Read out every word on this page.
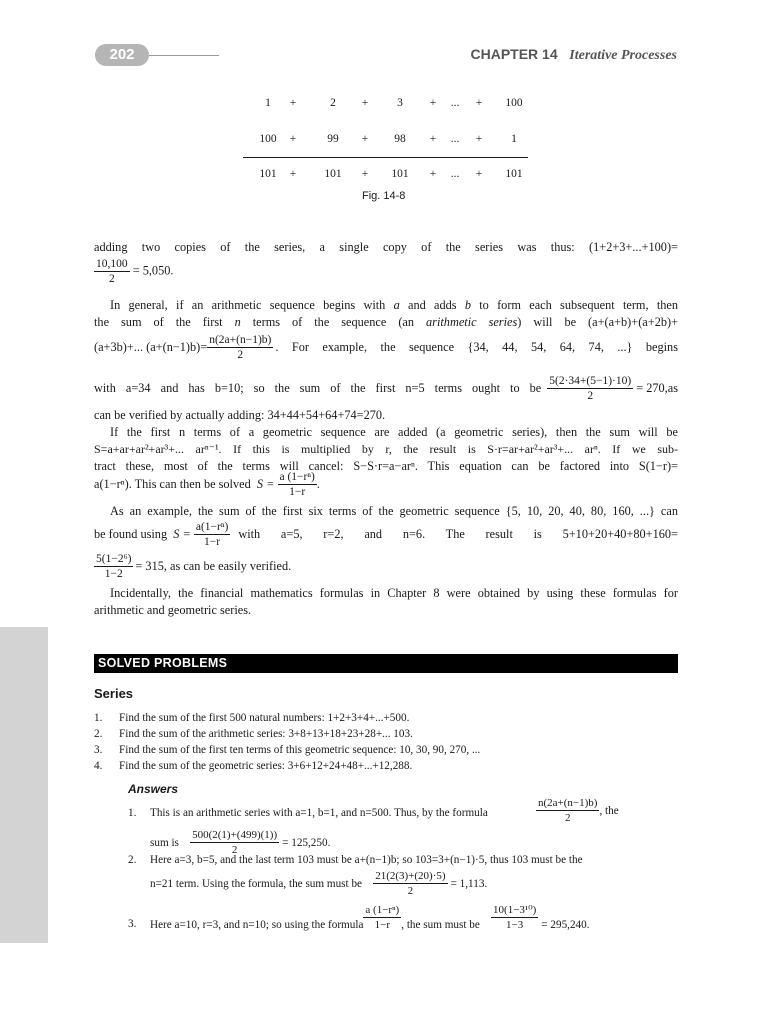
202	CHAPTER 14 Iterative Processes
1	+	2	+	3	+	...	+	100
100	+	99	+	98	+	...	+	1
101	+	101	+	101	+	...	+	101
Fig. 14-8
adding two copies of the series, a single copy of the series was thus: (1+2+3+...+100)=
$\frac{10,100}{2} = 5,050$.
In general, if an arithmetic sequence begins with a and adds b to form each subsequent term, then
the sum of the first n terms of the sequence (an arithmetic series) will be (a+(a+b)+(a+2b)+
(a+3b)+... $(a+(n-1)b)= \frac{n(2a+(n-1)b)}{2}$ . For example, the sequence {34, 44, 54, 64, 74, ...} begins
with a=34 and has b=10; so the sum of the first n=5 terms ought to be $\frac{5(2\cdot 34+(5-1)\cdot 10)}{2} = 270$, as
can be verified by actually adding: 34+44+54+64+74=270.
If the first n terms of a geometric sequence are added (a geometric series), then the sum will be
S=a+ar+ar²+ar³+... arⁿ⁻¹. If this is multiplied by r, the result is S·r=ar+ar²+ar³+... arⁿ. If we sub-
tract these, most of the terms will cancel: S−S·r=a−arⁿ. This equation can be factored into S(1−r)=
a(1−rⁿ). This can then be solved
S =
$\frac{\text{a (1−rⁿ)}}{1-r}$ .
As an example, the sum of the first six terms of the geometric sequence {5, 10, 20, 40, 80, 160, ...} can
be found using
S =
$\frac{\text{a(1−rⁿ)}}{1-r}$ with a=5, r=2, and n=6. The result is 5+10+20+40+80+160=
$\frac{\text{5(1−2⁶)}}{1-2} = 315$, as can be easily verified.
Incidentally, the financial mathematics formulas in Chapter 8 were obtained by using these formulas for
arithmetic and geometric series.
SOLVED PROBLEMS
Series
1. Find the sum of the first 500 natural numbers: 1+2+3+4+...+500.
2. Find the sum of the arithmetic series: 3+8+13+18+23+28+... 103.
3. Find the sum of the first ten terms of this geometric sequence: 10, 30, 90, 270, ...
4. Find the sum of the geometric series: 3+6+12+24+48+...+12,288.
Answers
1. This is an arithmetic series with a=1, b=1, and n=500. Thus, by the formula	$\frac{n(2a+(n-1)b)}{2}$ , the
sum is
$\frac{500(2(1)+(499)(1))}{2} = 125,250$.
2. Here a=3, b=5, and the last term 103 must be a+(n−1)b; so 103=3+(n−1)·5, thus 103 must be the
n=21 term. Using the formula, the sum must be
$\frac{21(2(3)+(20)\cdot 5)}{2} = 1,113$.
3. Here a=10, r=3, and n=10; so using the formula $\frac{\text{a (1−rⁿ)}}{1-r}$ , the sum must be
$\frac{\text{10(1−3¹⁰)}}{1-3} = 295,240$.
